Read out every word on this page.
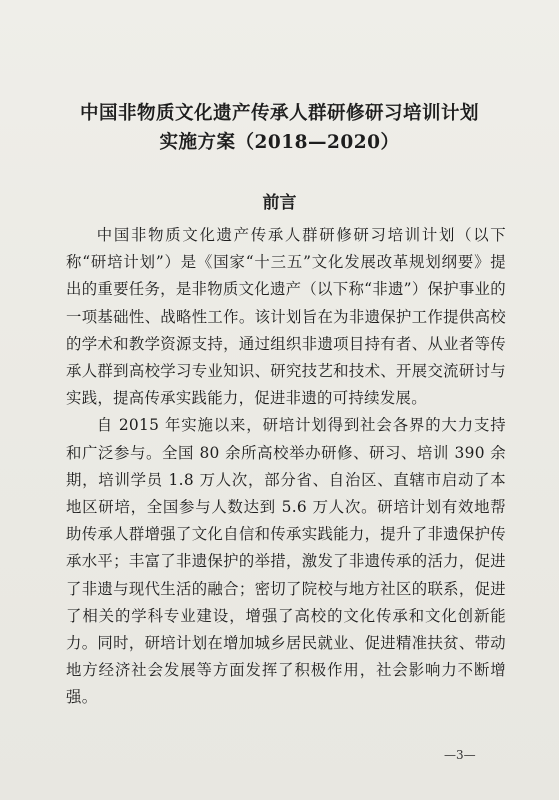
中国非物质文化遗产传承人群研修研习培训计划
实施方案（2018—2020）
前言

中国非物质文化遗产传承人群研修研习培训计划（以下称“研培计划”）是《国家“十三五”文化发展改革规划纲要》提出的重要任务，是非物质文化遗产（以下称“非遗”）保护事业的一项基础性、战略性工作。该计划旨在为非遗保护工作提供高校的学术和教学资源支持，通过组织非遗项目持有者、从业者等传承人群到高校学习专业知识、研究技艺和技术、开展交流研讨与实践，提高传承实践能力，促进非遗的可持续发展。

自 2015 年实施以来，研培计划得到社会各界的大力支持和广泛参与。全国 80 余所高校举办研修、研习、培训 390 余期，培训学员 1.8 万人次，部分省、自治区、直辖市启动了本地区研培，全国参与人数达到 5.6 万人次。研培计划有效地帮助传承人群增强了文化自信和传承实践能力，提升了非遗保护传承水平；丰富了非遗保护的举措，激发了非遗传承的活力，促进了非遗与现代生活的融合；密切了院校与地方社区的联系，促进了相关的学科专业建设，增强了高校的文化传承和文化创新能力。同时，研培计划在增加城乡居民就业、促进精准扶贫、带动地方经济社会发展等方面发挥了积极作用，社会影响力不断增强。

—3—
